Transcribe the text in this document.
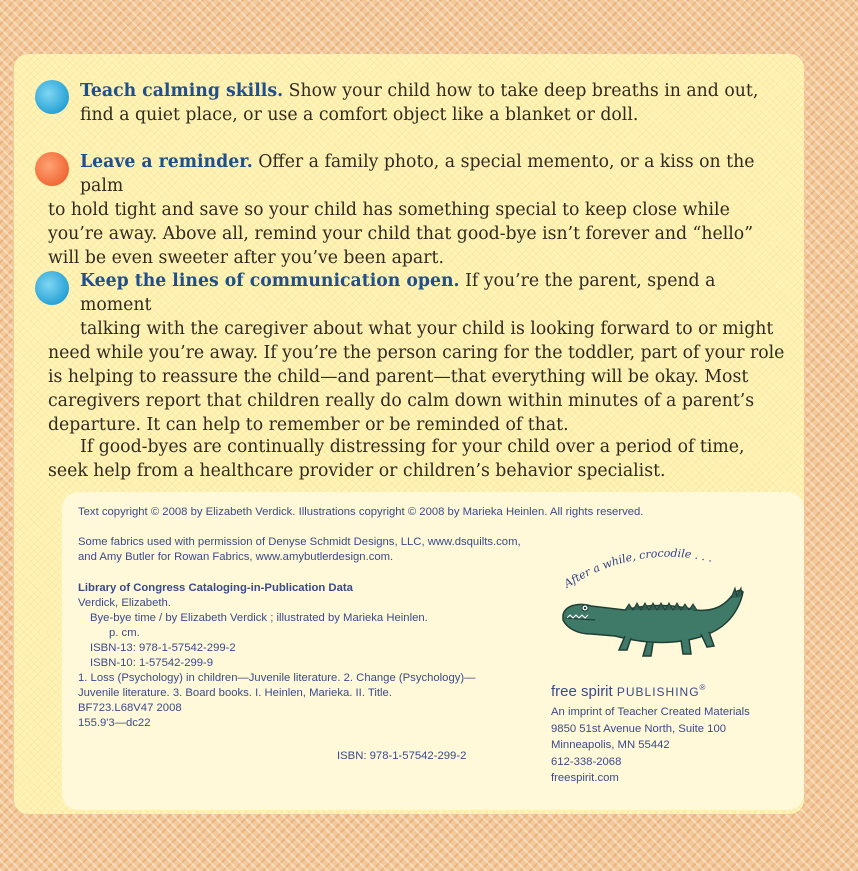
Teach calming skills. Show your child how to take deep breaths in and out,
find a quiet place, or use a comfort object like a blanket or doll.
Leave a reminder. Offer a family photo, a special memento, or a kiss on the palm
to hold tight and save so your child has something special to keep close while
you’re away. Above all, remind your child that good-bye isn’t forever and “hello”
will be even sweeter after you’ve been apart.
Keep the lines of communication open. If you’re the parent, spend a moment
talking with the caregiver about what your child is looking forward to or might
need while you’re away. If you’re the person caring for the toddler, part of your role
is helping to reassure the child—and parent—that everything will be okay. Most
caregivers report that children really do calm down within minutes of a parent’s
departure. It can help to remember or be reminded of that.
If good-byes are continually distressing for your child over a period of time,
seek help from a healthcare provider or children’s behavior specialist.
Text copyright © 2008 by Elizabeth Verdick. Illustrations copyright © 2008 by Marieka Heinlen. All rights reserved.
Some fabrics used with permission of Denyse Schmidt Designs, LLC, www.dsquilts.com,
and Amy Butler for Rowan Fabrics, www.amybutlerdesign.com.
Library of Congress Cataloging-in-Publication Data
Verdick, Elizabeth.
Bye-bye time / by Elizabeth Verdick ; illustrated by Marieka Heinlen.
p. cm.
ISBN-13: 978-1-57542-299-2
ISBN-10: 1-57542-299-9
1. Loss (Psychology) in children—Juvenile literature. 2. Change (Psychology)—
Juvenile literature. 3. Board books. I. Heinlen, Marieka. II. Title.
BF723.L68V47 2008
155.9'3—dc22
ISBN: 978-1-57542-299-2
After a while, crocodile . . .
free spirit PUBLISHING®
An imprint of Teacher Created Materials
9850 51st Avenue North, Suite 100
Minneapolis, MN 55442
612-338-2068
freespirit.com
